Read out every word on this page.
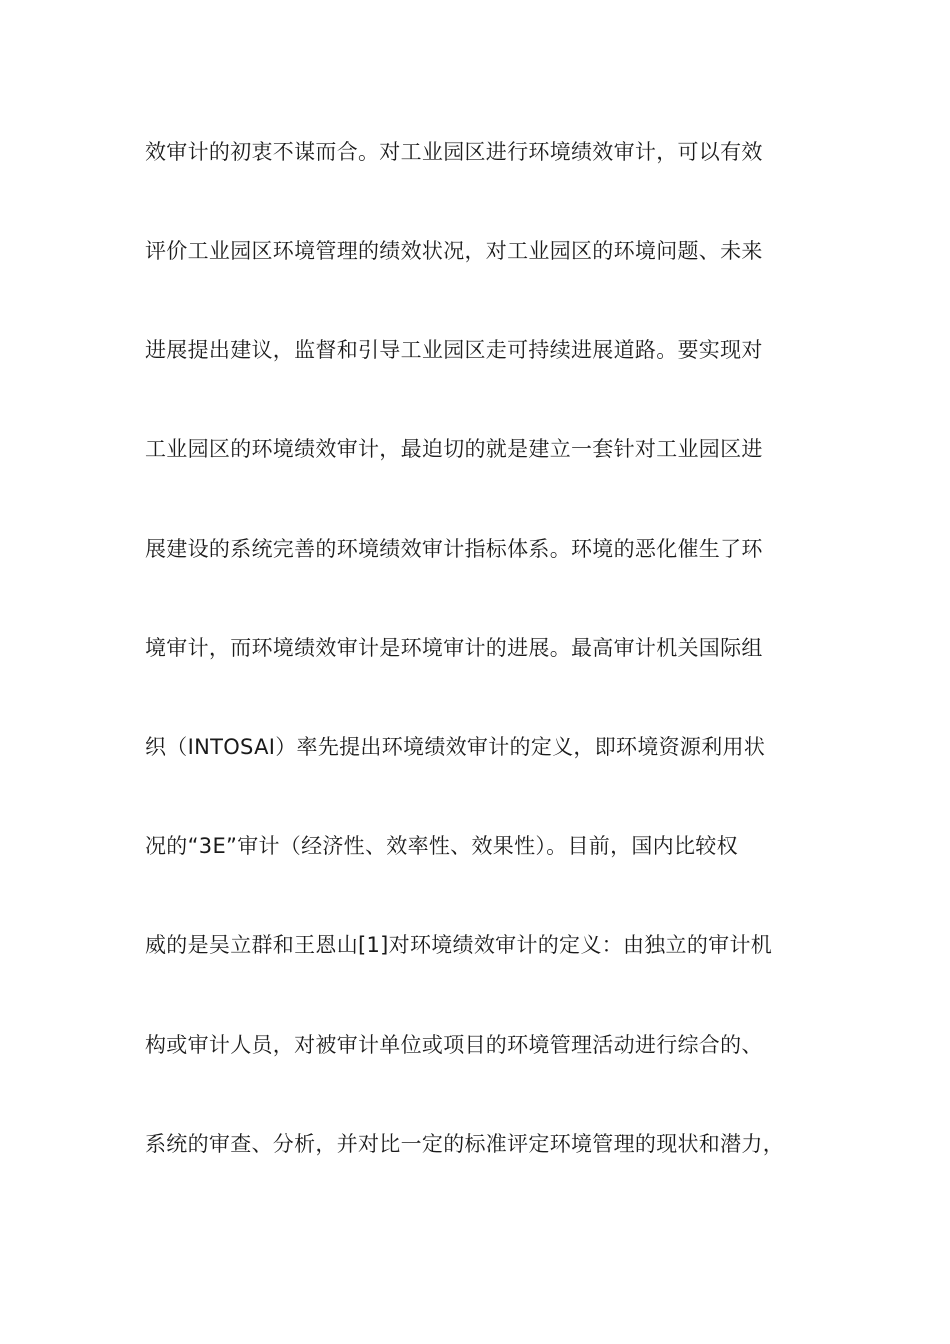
效审计的初衷不谋而合。对工业园区进行环境绩效审计，可以有效

评价工业园区环境管理的绩效状况，对工业园区的环境问题、未来

进展提出建议，监督和引导工业园区走可持续进展道路。要实现对

工业园区的环境绩效审计，最迫切的就是建立一套针对工业园区进

展建设的系统完善的环境绩效审计指标体系。环境的恶化催生了环

境审计，而环境绩效审计是环境审计的进展。最高审计机关国际组

织（INTOSAI）率先提出环境绩效审计的定义，即环境资源利用状

况的“3E”审计（经济性、效率性、效果性）。目前，国内比较权

威的是吴立群和王恩山[1]对环境绩效审计的定义：由独立的审计机

构或审计人员，对被审计单位或项目的环境管理活动进行综合的、

系统的审查、分析，并对比一定的标准评定环境管理的现状和潜力，
